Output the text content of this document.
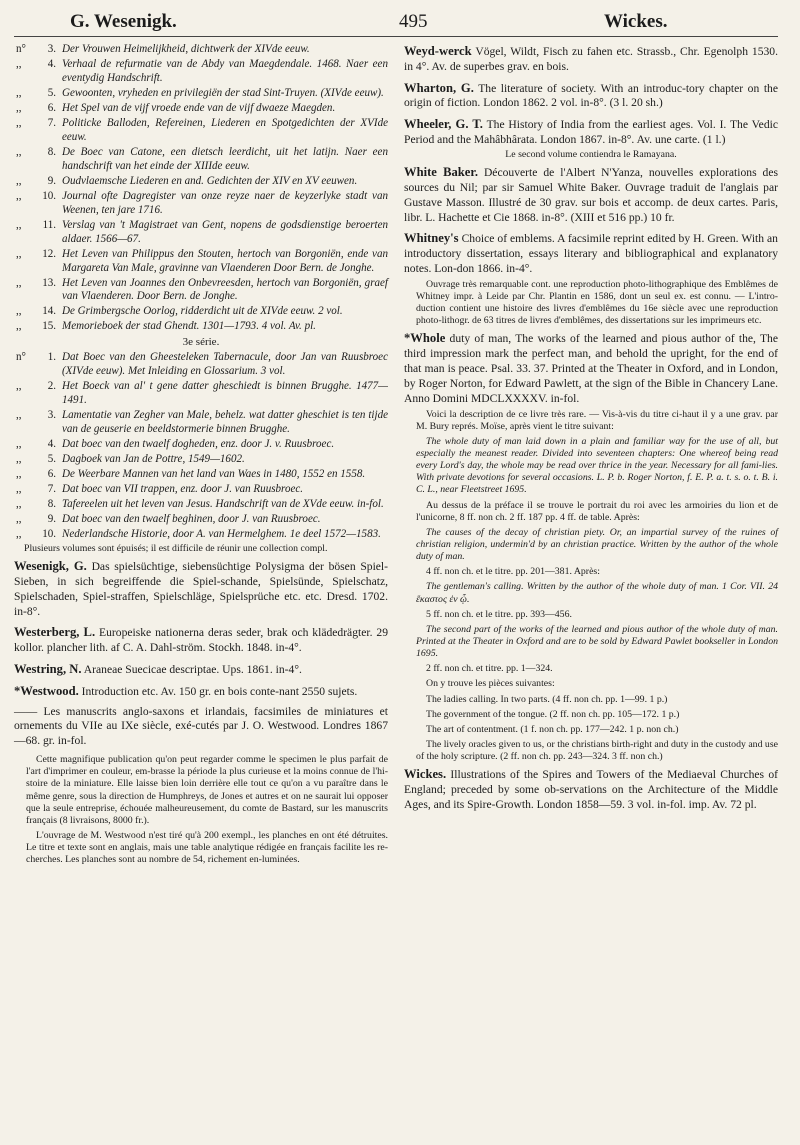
G. Wesenigk.	495	Wickes.
n°	3. Der Vrouwen Heimelijkheid, dichtwerk der XIVde eeuw.
,,	4. Verhaal de refurmatie van de Abdy van Maegdendale. 1468. Naer een eventydig Handschrift.
,,	5. Gewoonten, vryheden en privilegiën der stad Sint-Truyen. (XIVde eeuw).
,,	6. Het Spel van de vijf vroede ende van de vijf dwaeze Maegden.
,,	7. Politicke Balloden, Refereinen, Liederen en Spotgedichten der XVIde eeuw.
,,	8. De Boec van Catone, een dietsch leerdicht, uit het latijn. Naer een handschrift van het einde der XIIIde eeuw.
,,	9. Oudvlaemsche Liederen en and. Gedichten der XIV en XV eeuwen.
,,	10. Journal ofte Dagregister van onze reyze naer de keyzerlyke stadt van Weenen, ten jare 1716.
,,	11. Verslag van 't Magistraet van Gent, nopens de godsdienstige beroerten aldaer. 1566—67.
,,	12. Het Leven van Philippus den Stouten, hertoch van Borgoniën, ende van Margareta Van Male, gravinne van Vlaenderen Door Bern. de Jonghe.
,,	13. Het Leven van Joannes den Onbevreesden, hertoch van Borgoniën, graef van Vlaenderen. Door Bern. de Jonghe.
,,	14. De Grimbergsche Oorlog, ridderdicht uit de XIVde eeuw. 2 vol.
,,	15. Memorieboek der stad Ghendt. 1301—1793. 4 vol. Av. pl.
3e série.
n°	1. Dat Boec van den Gheesteleken Tabernacule, door Jan van Ruusbroec (XIVde eeuw). Met Inleiding en Glossarium. 3 vol.
,,	2. Het Boeck van al' t gene datter gheschiedt is binnen Brugghe. 1477—1491.
,,	3. Lamentatie van Zegher van Male, behelz. wat datter gheschiet is ten tijde van de geuserie en beeldstormerie binnen Brugghe.
,,	4. Dat boec van den twaelf dogheden, enz. door J. v. Ruusbroec.
,,	5. Dagboek van Jan de Pottre, 1549—1602.
,,	6. De Weerbare Mannen van het land van Waes in 1480, 1552 en 1558.
,,	7. Dat boec van VII trappen, enz. door J. van Ruusbroec.
,,	8. Tafereelen uit het leven van Jesus. Handschrift van de XVde eeuw. in-fol.
,,	9. Dat boec van den twaelf beghinen, door J. van Ruusbroec.
,,	10. Nederlandsche Historie, door A. van Hermelghem. 1e deel 1572—1583.
Plusieurs volumes sont épuisés; il est difficile de réunir une collection compl.
Wesenigk, G. Das spielsüchtige, siebensüchtige Polysigma der bösen Spiel-Sieben, in sich begreiffende die Spiel-schande, Spielsünde, Spielschatz, Spielschaden, Spiel-straffen, Spielschläge, Spielsprüche etc. etc. Dresd. 1702. in-8°.
Westerberg, L. Europeiske nationerna deras seder, brak och klädedrägter. 29 kollor. plancher lith. af C. A. Dahl-ström. Stockh. 1848. in-4°.
Westring, N. Araneae Suecicae descriptae. Ups. 1861. in-4°.
*Westwood. Introduction etc. Av. 150 gr. en bois conte-nant 2550 sujets.
—— Les manuscrits anglo-saxons et irlandais, facsimiles de miniatures et ornements du VIIe au IXe siècle, exé-cutés par J. O. Westwood. Londres 1867—68. gr. in-fol.
Cette magnifique publication qu'on peut regarder comme le specimen le plus parfait de l'art d'imprimer en couleur, em-brasse la période la plus curieuse et la moins connue de l'hi-stoire de la miniature. Elle laisse bien loin derrière elle tout ce qu'on a vu paraître dans le même genre, sous la direction de Humphreys, de Jones et autres et on ne saurait lui opposer que la seule entreprise, échouée malheureusement, du comte de Bastard, sur les manuscrits français (8 livraisons, 8000 fr.).
L'ouvrage de M. Westwood n'est tiré qu'à 200 exempl., les planches en ont été détruites. Le titre et texte sont en anglais, mais une table analytique rédigée en français facilite les re-cherches. Les planches sont au nombre de 54, richement en-luminées.
Weyd-werck Vögel, Wildt, Fisch zu fahen etc. Strassb., Chr. Egenolph 1530. in 4°. Av. de superbes grav. en bois.
Wharton, G. The literature of society. With an introduc-tory chapter on the origin of fiction. London 1862. 2 vol. in-8°. (3 l. 20 sh.)
Wheeler, G. T. The History of India from the earliest ages. Vol. I. The Vedic Period and the Mahâbhârata. London 1867. in-8°. Av. une carte. (1 l.)
Le second volume contiendra le Ramayana.
White Baker. Découverte de l'Albert N'Yanza, nouvelles explorations des sources du Nil; par sir Samuel White Baker. Ouvrage traduit de l'anglais par Gustave Masson. Illustré de 30 grav. sur bois et accomp. de deux cartes. Paris, libr. L. Hachette et Cie 1868. in-8°. (XIII et 516 pp.) 10 fr.
Whitney's Choice of emblems. A facsimile reprint edited by H. Green. With an introductory dissertation, essays literary and bibliographical and explanatory notes. Lon-don 1866. in-4°.
Ouvrage très remarquable cont. une reproduction photo-lithographique des Emblêmes de Whitney impr. à Leide par Chr. Plantin en 1586, dont un seul ex. est connu. — L'intro-duction contient une histoire des livres d'emblêmes du 16e siècle avec une reproduction photo-lithogr. de 63 titres de livres d'emblêmes, des dissertations sur les imprimeurs etc.
*Whole duty of man, The works of the learned and pious author of the, The third impression mark the perfect man, and behold the upright, for the end of that man is peace. Psal. 33. 37. Printed at the Theater in Oxford, and in London, by Roger Norton, for Edward Pawlett, at the sign of the Bible in Chancery Lane. Anno Domini MDCLXXXXV. in-fol.
Voici la description de ce livre très rare. — Vis-à-vis du titre ci-haut il y a une grav. par M. Bury représ. Moïse, après vient le titre suivant:
The whole duty of man laid down in a plain and familiar way for the use of all, but especially the meanest reader. Divided into seventeen chapters: One whereof being read every Lord's day, the whole may be read over thrice in the year. Necessary for all fami-lies. With private devotions for several occasions. L. P. b. Roger Norton, f. E. P. a. t. s. o. t. B. i. C. L., near Fleetstreet 1695.
Au dessus de la préface il se trouve le portrait du roi avec les armoiries du lion et de l'unicorne, 8 ff. non ch. 2 ff. 187 pp. 4 ff. de table. Après:
The causes of the decay of christian piety. Or, an impartial survey of the ruines of christian religion, undermin'd by an christian practice. Written by the author of the whole duty of man.
4 ff. non ch. et le titre. pp. 201—381. Après:
The gentleman's calling. Written by the author of the whole duty of man. 1 Cor. VII. 24 ἕκαστος ἐν ᾧ.
5 ff. non ch. et le titre. pp. 393—456.
The second part of the works of the learned and pious author of the whole duty of man. Printed at the Theater in Oxford and are to be sold by Edward Pawlet bookseller in London 1695.
2 ff. non ch. et titre. pp. 1—324.
On y trouve les pièces suivantes:
The ladies calling. In two parts. (4 ff. non ch. pp. 1—99. 1 p.)
The government of the tongue. (2 ff. non ch. pp. 105—172. 1 p.)
The art of contentment. (1 f. non ch. pp. 177—242. 1 p. non ch.)
The lively oracles given to us, or the christians birth-right and duty in the custody and use of the holy scripture. (2 ff. non ch. pp. 243—324. 3 ff. non ch.)
Wickes. Illustrations of the Spires and Towers of the Mediaeval Churches of England; preceded by some ob-servations on the Architecture of the Middle Ages, and its Spire-Growth. London 1858—59. 3 vol. in-fol. imp. Av. 72 pl.
